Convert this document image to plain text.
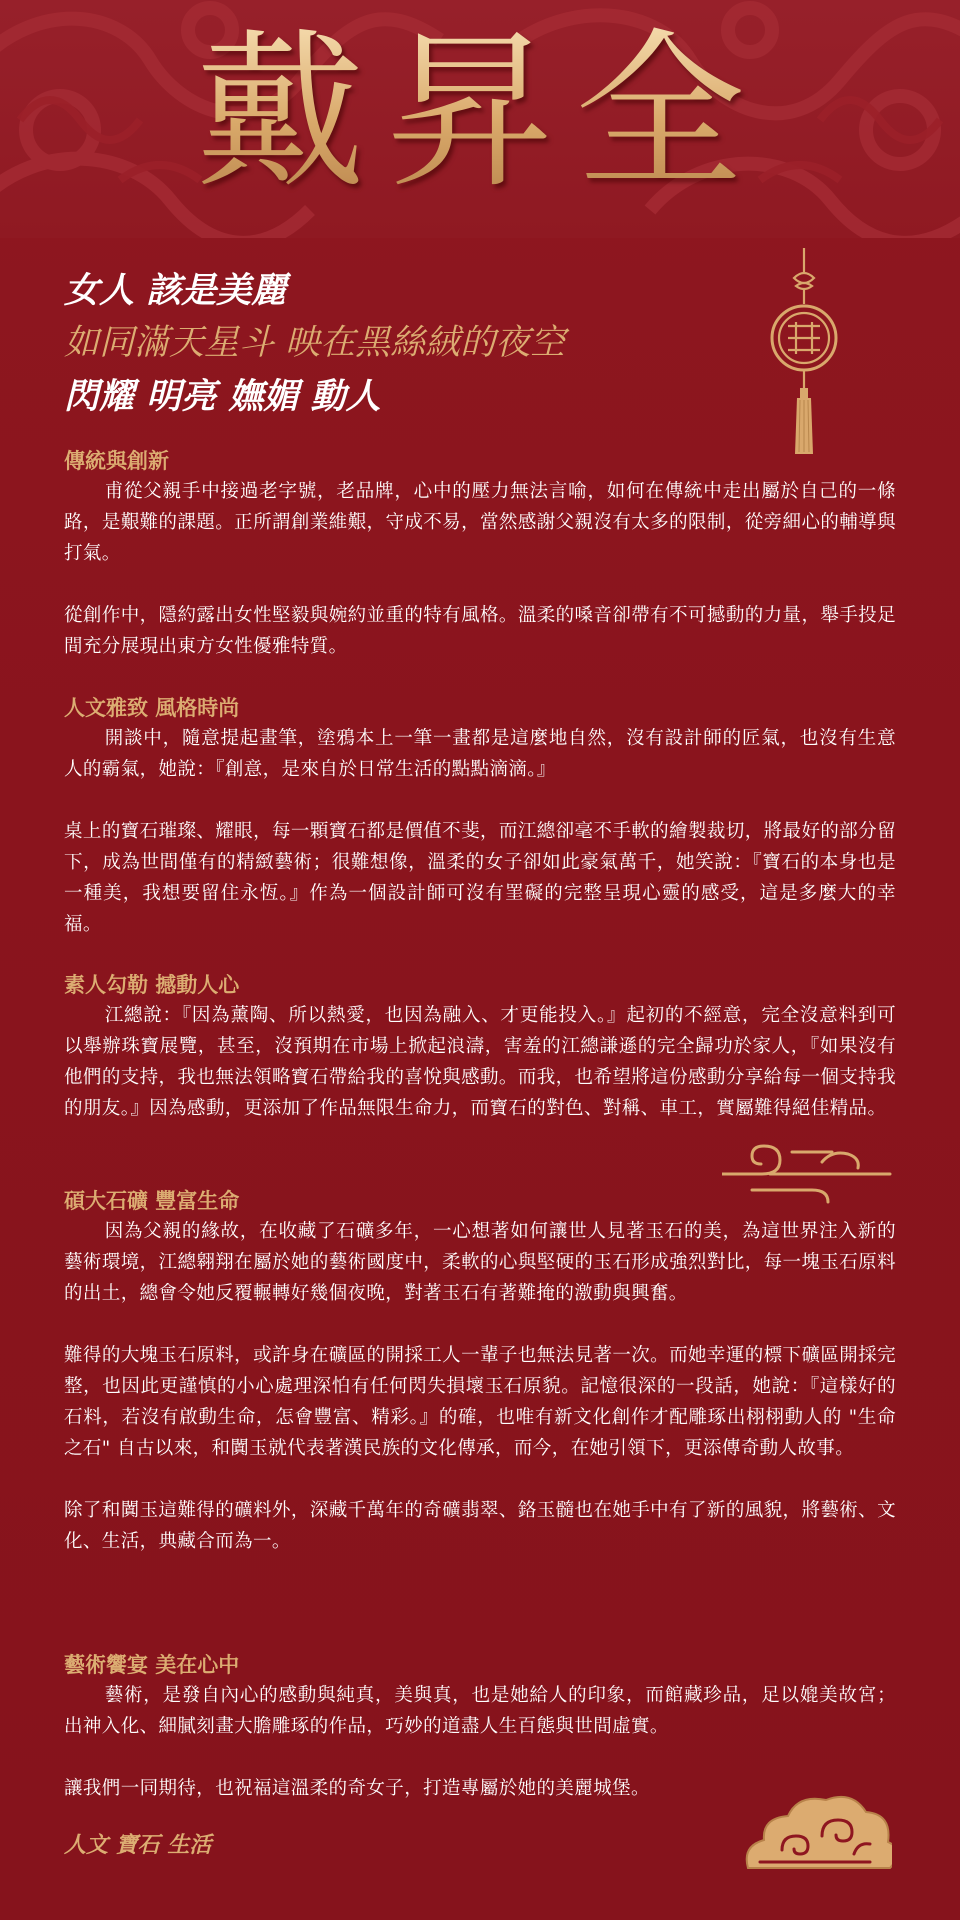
戴昇全
女人 該是美麗
如同滿天星斗 映在黑絲絨的夜空
閃耀 明亮 嫵媚 動人

傳統與創新

甫從父親手中接過老字號，老品牌，心中的壓力無法言喻，如何在傳統中走出屬於自己的一條路，是艱難的課題。正所謂創業維艱，守成不易，當然感謝父親沒有太多的限制，從旁細心的輔導與打氣。

從創作中，隱約露出女性堅毅與婉約並重的特有風格。溫柔的嗓音卻帶有不可撼動的力量，舉手投足間充分展現出東方女性優雅特質。

人文雅致 風格時尚

開談中，隨意提起畫筆，塗鴉本上一筆一畫都是這麼地自然，沒有設計師的匠氣，也沒有生意人的霸氣，她說：『創意，是來自於日常生活的點點滴滴。』

桌上的寶石璀璨、耀眼，每一顆寶石都是價值不斐，而江總卻毫不手軟的繪製裁切，將最好的部分留下，成為世間僅有的精緻藝術；很難想像，溫柔的女子卻如此豪氣萬千，她笑說：『寶石的本身也是一種美，我想要留住永恆。』作為一個設計師可沒有罣礙的完整呈現心靈的感受，這是多麼大的幸福。

素人勾勒 撼動人心

江總說：『因為薰陶、所以熱愛，也因為融入、才更能投入。』起初的不經意，完全沒意料到可以舉辦珠寶展覽，甚至，沒預期在市場上掀起浪濤，害羞的江總謙遜的完全歸功於家人，『如果沒有他們的支持，我也無法領略寶石帶給我的喜悅與感動。而我，也希望將這份感動分享給每一個支持我的朋友。』因為感動，更添加了作品無限生命力，而寶石的對色、對稱、車工，實屬難得絕佳精品。

碩大石礦 豐富生命

因為父親的緣故，在收藏了石礦多年，一心想著如何讓世人見著玉石的美，為這世界注入新的藝術環境，江總翱翔在屬於她的藝術國度中，柔軟的心與堅硬的玉石形成強烈對比，每一塊玉石原料的出土，總會令她反覆輾轉好幾個夜晚，對著玉石有著難掩的激動與興奮。

難得的大塊玉石原料，或許身在礦區的開採工人一輩子也無法見著一次。而她幸運的標下礦區開採完整，也因此更謹慎的小心處理深怕有任何閃失損壞玉石原貌。記憶很深的一段話，她說：『這樣好的石料，若沒有啟動生命，怎會豐富、精彩。』的確，也唯有新文化創作才配雕琢出栩栩動人的 "生命之石" 自古以來，和闐玉就代表著漢民族的文化傳承，而今，在她引領下，更添傳奇動人故事。

除了和闐玉這難得的礦料外，深藏千萬年的奇礦翡翠、鉻玉髓也在她手中有了新的風貌，將藝術、文化、生活，典藏合而為一。

藝術饗宴 美在心中

藝術，是發自內心的感動與純真，美與真，也是她給人的印象，而館藏珍品，足以媲美故宮；出神入化、細膩刻畫大膽雕琢的作品，巧妙的道盡人生百態與世間虛實。

讓我們一同期待，也祝福這溫柔的奇女子，打造專屬於她的美麗城堡。

人文 寶石 生活
